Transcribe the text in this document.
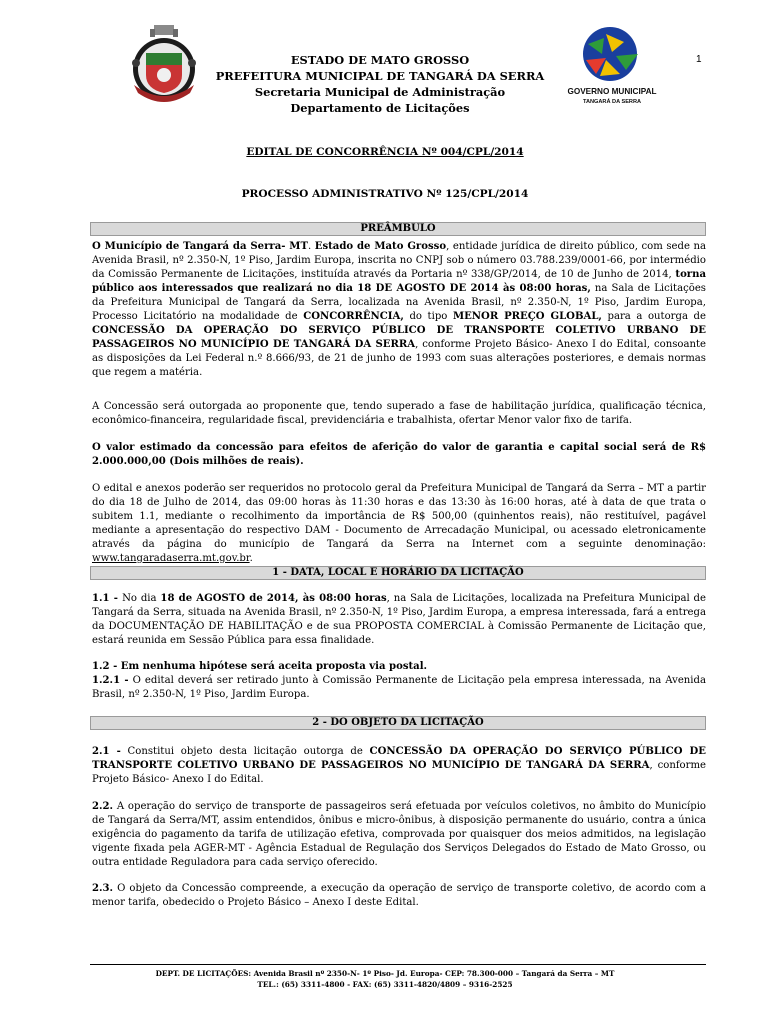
ESTADO DE MATO GROSSO
PREFEITURA MUNICIPAL DE TANGARÁ DA SERRA
Secretaria Municipal de Administração
Departamento de Licitações
GOVERNO MUNICIPAL
TANGARÁ DA SERRA
1
EDITAL DE CONCORRÊNCIA Nº 004/CPL/2014
PROCESSO ADMINISTRATIVO Nº 125/CPL/2014
PREÂMBULO
O Município de Tangará da Serra- MT. Estado de Mato Grosso, entidade jurídica de direito público, com sede na Avenida Brasil, nº 2.350-N, 1º Piso, Jardim Europa, inscrita no CNPJ sob o número 03.788.239/0001-66, por intermédio da Comissão Permanente de Licitações, instituída através da Portaria nº 338/GP/2014, de 10 de Junho de 2014, torna público aos interessados que realizará no dia 18 DE AGOSTO DE 2014 às 08:00 horas, na Sala de Licitações da Prefeitura Municipal de Tangará da Serra, localizada na Avenida Brasil, nº 2.350-N, 1º Piso, Jardim Europa, Processo Licitatório na modalidade de CONCORRÊNCIA, do tipo MENOR PREÇO GLOBAL, para a outorga de CONCESSÃO DA OPERAÇÃO DO SERVIÇO PÚBLICO DE TRANSPORTE COLETIVO URBANO DE PASSAGEIROS NO MUNICÍPIO DE TANGARÁ DA SERRA, conforme Projeto Básico- Anexo I do Edital, consoante as disposições da Lei Federal n.º 8.666/93, de 21 de junho de 1993 com suas alterações posteriores, e demais normas que regem a matéria.
A Concessão será outorgada ao proponente que, tendo superado a fase de habilitação jurídica, qualificação técnica, econômico-financeira, regularidade fiscal, previdenciária e trabalhista, ofertar Menor valor fixo de tarifa.
O valor estimado da concessão para efeitos de aferição do valor de garantia e capital social será de R$ 2.000.000,00 (Dois milhões de reais).
O edital e anexos poderão ser requeridos no protocolo geral da Prefeitura Municipal de Tangará da Serra – MT a partir do dia 18 de Julho de 2014, das 09:00 horas às 11:30 horas e das 13:30 às 16:00 horas, até à data de que trata o subitem 1.1, mediante o recolhimento da importância de R$ 500,00 (quinhentos reais), não restituível, pagável mediante a apresentação do respectivo DAM - Documento de Arrecadação Municipal, ou acessado eletronicamente através da página do município de Tangará da Serra na Internet com a seguinte denominação: www.tangaradaserra.mt.gov.br.
1 - DATA, LOCAL E HORÁRIO DA LICITAÇÃO
1.1 - No dia 18 de AGOSTO de 2014, às 08:00 horas, na Sala de Licitações, localizada na Prefeitura Municipal de Tangará da Serra, situada na Avenida Brasil, nº 2.350-N, 1º Piso, Jardim Europa, a empresa interessada, fará a entrega da DOCUMENTAÇÃO DE HABILITAÇÃO e de sua PROPOSTA COMERCIAL à Comissão Permanente de Licitação que, estará reunida em Sessão Pública para essa finalidade.
1.2 - Em nenhuma hipótese será aceita proposta via postal.
1.2.1 - O edital deverá ser retirado junto à Comissão Permanente de Licitação pela empresa interessada, na Avenida Brasil, nº 2.350-N, 1º Piso, Jardim Europa.
2 - DO OBJETO DA LICITAÇÃO
2.1 - Constitui objeto desta licitação outorga de CONCESSÃO DA OPERAÇÃO DO SERVIÇO PÚBLICO DE TRANSPORTE COLETIVO URBANO DE PASSAGEIROS NO MUNICÍPIO DE TANGARÁ DA SERRA, conforme Projeto Básico- Anexo I do Edital.
2.2. A operação do serviço de transporte de passageiros será efetuada por veículos coletivos, no âmbito do Município de Tangará da Serra/MT, assim entendidos, ônibus e micro-ônibus, à disposição permanente do usuário, contra a única exigência do pagamento da tarifa de utilização efetiva, comprovada por quaisquer dos meios admitidos, na legislação vigente fixada pela AGER-MT - Agência Estadual de Regulação dos Serviços Delegados do Estado de Mato Grosso, ou outra entidade Reguladora para cada serviço oferecido.
2.3. O objeto da Concessão compreende, a execução da operação de serviço de transporte coletivo, de acordo com a menor tarifa, obedecido o Projeto Básico – Anexo I deste Edital.
DEPT. DE LICITAÇÕES: Avenida Brasil nº 2350-N- 1º Piso- Jd. Europa- CEP: 78.300-000 – Tangará da Serra – MT
TEL.: (65) 3311-4800 - FAX: (65) 3311-4820/4809 – 9316-2525
